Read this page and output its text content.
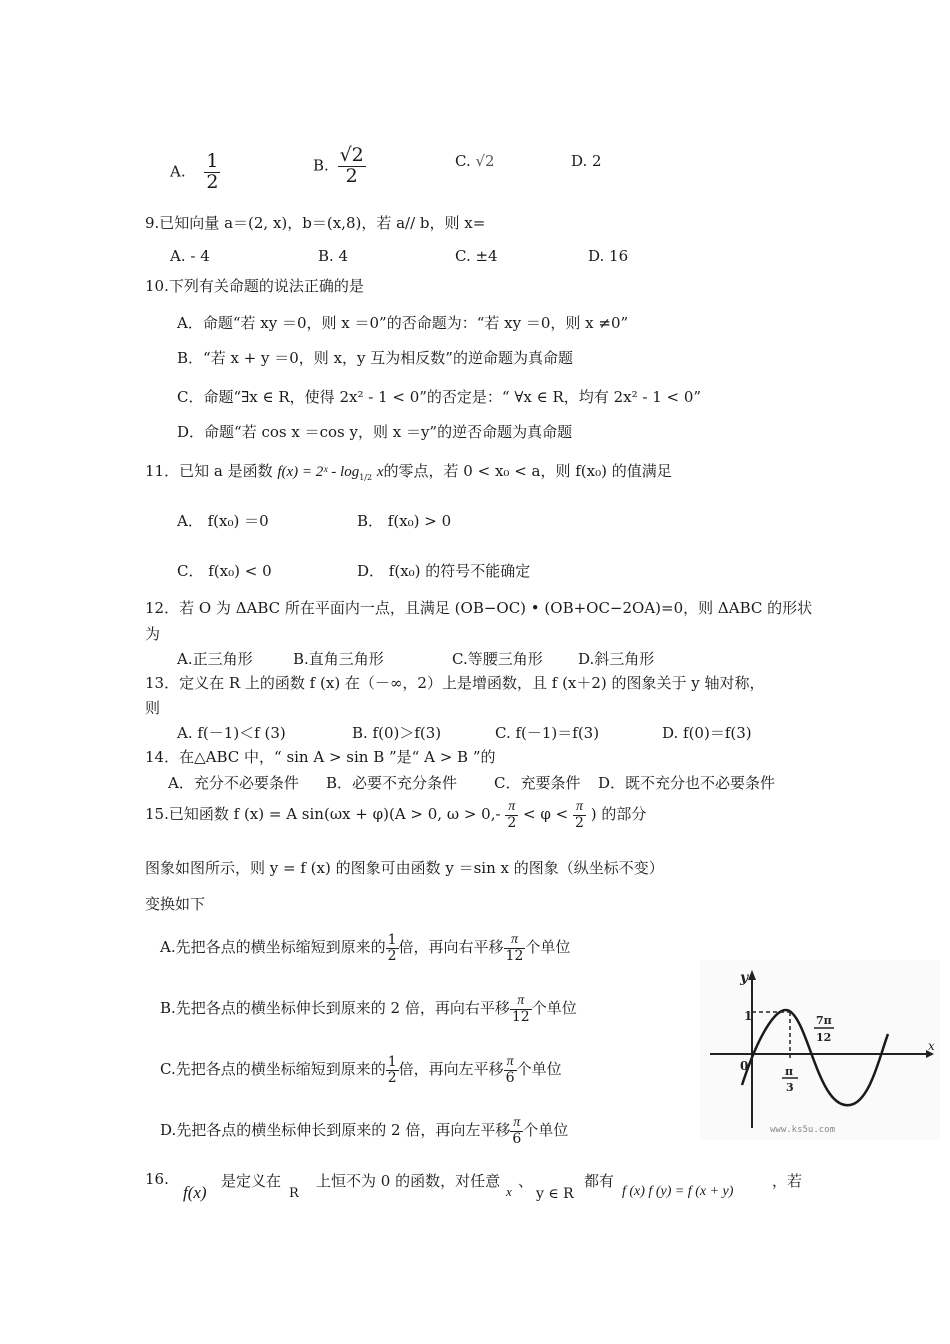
A. $\frac{1}{2}$	B. $\frac{√2}{2}$	C. √2	D. 2
9.已知向量 a＝(2, x)，b＝(x,8)，若 a// b，则 x=
A. - 4	B. 4	C. ±4	D. 16
10.下列有关命题的说法正确的是
A．命题“若 xy ＝0，则 x ＝0”的否命题为：“若 xy ＝0，则 x ≠0”
B．“若 x + y ＝0，则 x，y 互为相反数”的逆命题为真命题
C．命题“∃x ∈ R，使得 2x² - 1 < 0”的否定是：“ ∀x ∈ R，均有 2x² - 1 < 0”
D．命题“若 cos x ＝cos y，则 x ＝y”的逆否命题为真命题
11．已知 a 是函数 f(x) = 2ˣ - $\log_{1/2} x$的零点，若 0 < x₀ < a，则 f(x₀) 的值满足
A． f(x₀) ＝0	B． f(x₀) > 0
C． f(x₀) < 0	D． f(x₀) 的符号不能确定
12．若 O 为 ΔABC 所在平面内一点，且满足 (OB−OC) • (OB+OC−2OA)=0，则 ΔABC 的形状
为
A.正三角形	B.直角三角形	C.等腰三角形 D.斜三角形
13．定义在 R 上的函数 f (x) 在（－∞，2）上是增函数，且 f (x＋2) 的图象关于 y 轴对称，
则
A. f(－1)＜f (3)	B. f(0)＞f(3)	C. f(－1)＝f(3)	D. f(0)＝f(3)
14．在△ABC 中，“ sin A > sin B ”是“ A > B ”的
A．充分不必要条件 B．必要不充分条件 C．充要条件 D．既不充分也不必要条件
15.已知函数 f (x) = A sin(ωx + φ)(A > 0, $\omega > 0,- \frac{\pi}{2} < \varphi < \frac{\pi}{2}$ ) 的部分
图象如图所示，则 y = f (x) 的图象可由函数 y ＝sin x 的图象（纵坐标不变）
变换如下
A.先把各点的横坐标缩短到原来的 $\frac{1}{2}$ 倍，再向右平移 $\frac{\pi}{12}$ 个单位
B.先把各点的横坐标伸长到原来的 2 倍，再向右平移 $\frac{\pi}{12}$ 个单位
C.先把各点的横坐标缩短到原来的 $\frac{1}{2}$ 倍，再向左平移 $\frac{\pi}{6}$ 个单位
D.先把各点的横坐标伸长到原来的 2 倍，再向左平移 $\frac{\pi}{6}$ 个单位
y
x
1
0	π
3
7π
12
www.ks5u.com
16.
f(x)
是定义在
R
上恒不为 0 的函数，对任意
x
、
y ∈ R
都有
f (x) f (y) = f (x + y)
，若
